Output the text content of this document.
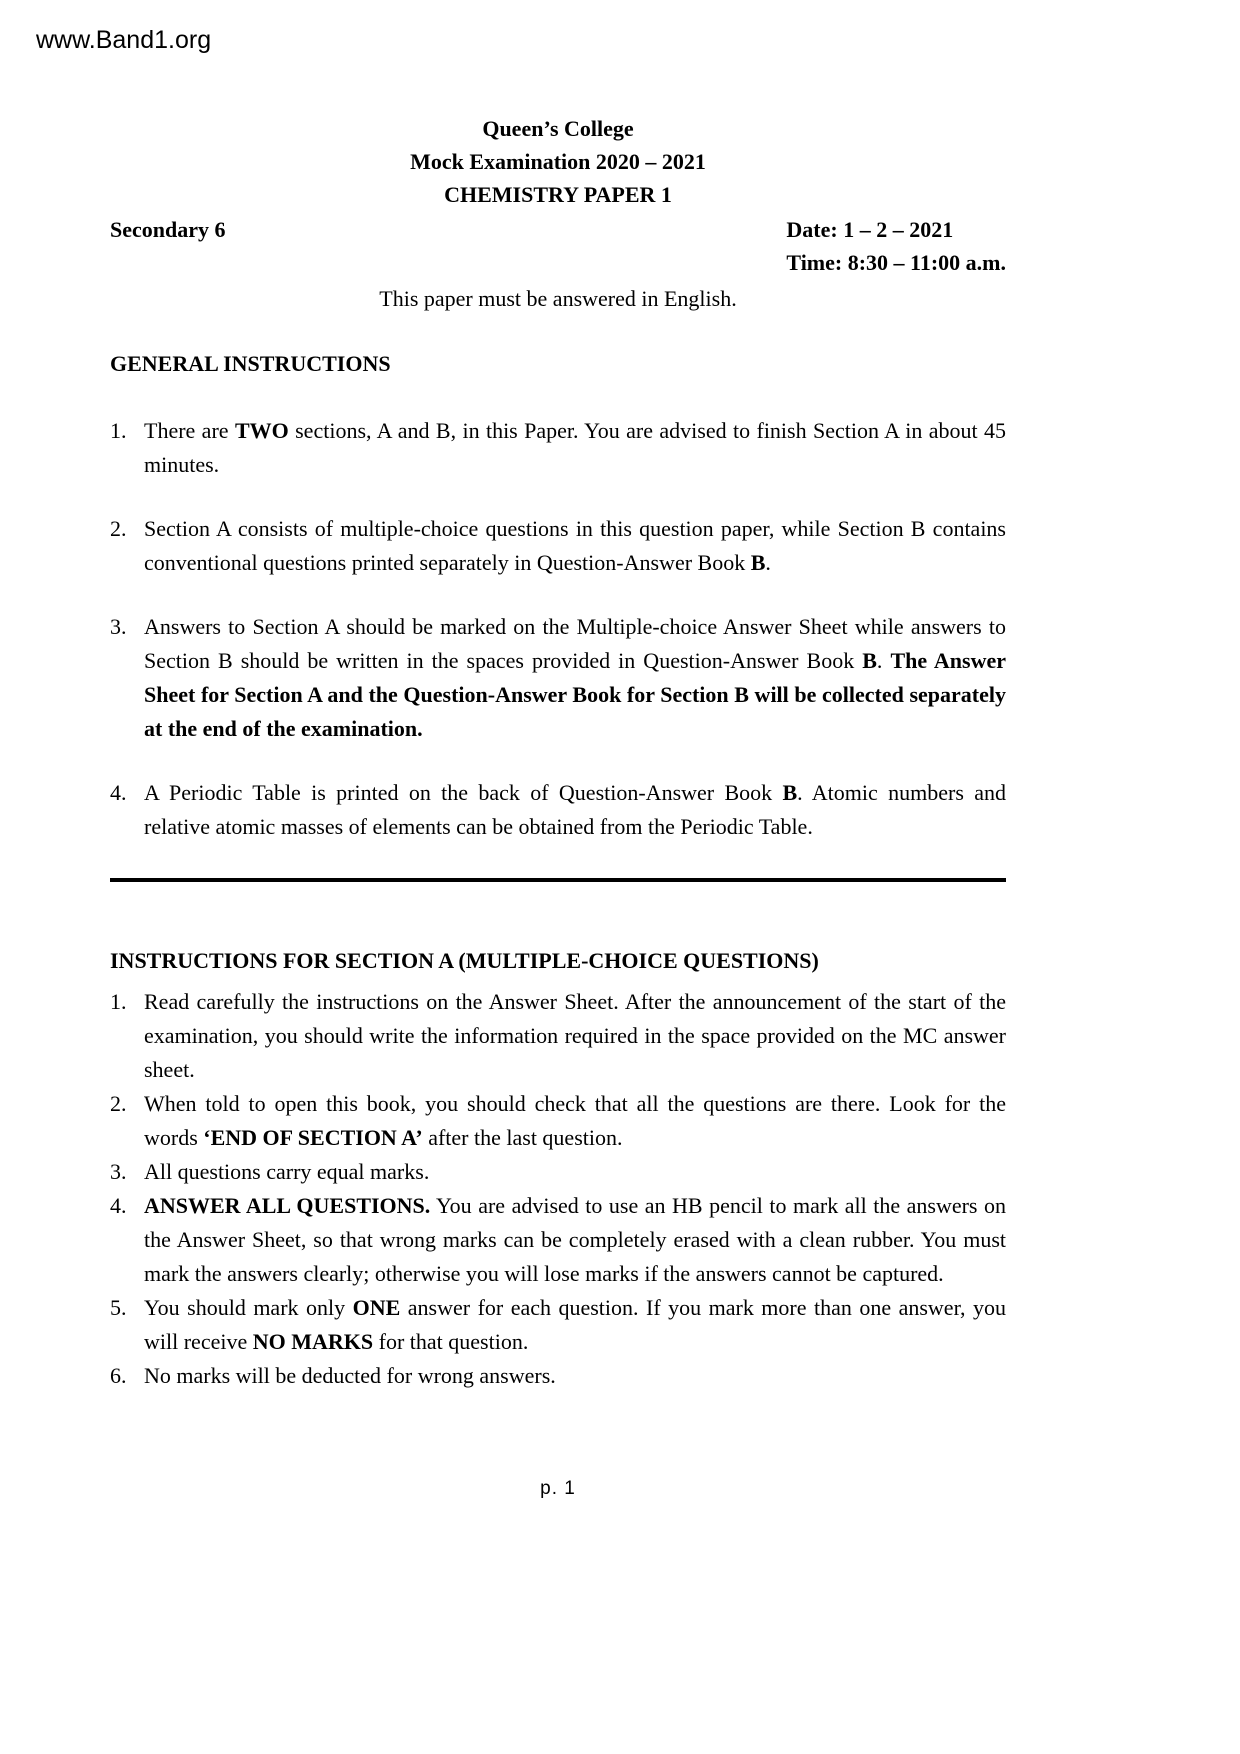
www.Band1.org
Queen’s College
Mock Examination 2020 – 2021
CHEMISTRY PAPER 1
Secondary 6	Date: 1 – 2 – 2021
Time: 8:30 – 11:00 a.m.
This paper must be answered in English.
GENERAL INSTRUCTIONS
1. There are TWO sections, A and B, in this Paper. You are advised to finish Section A in about 45 minutes.
2. Section A consists of multiple-choice questions in this question paper, while Section B contains conventional questions printed separately in Question-Answer Book B.
3. Answers to Section A should be marked on the Multiple-choice Answer Sheet while answers to Section B should be written in the spaces provided in Question-Answer Book B. The Answer Sheet for Section A and the Question-Answer Book for Section B will be collected separately at the end of the examination.
4. A Periodic Table is printed on the back of Question-Answer Book B. Atomic numbers and relative atomic masses of elements can be obtained from the Periodic Table.
INSTRUCTIONS FOR SECTION A (MULTIPLE-CHOICE QUESTIONS)
1. Read carefully the instructions on the Answer Sheet. After the announcement of the start of the examination, you should write the information required in the space provided on the MC answer sheet.
2. When told to open this book, you should check that all the questions are there. Look for the words ‘END OF SECTION A’ after the last question.
3. All questions carry equal marks.
4. ANSWER ALL QUESTIONS. You are advised to use an HB pencil to mark all the answers on the Answer Sheet, so that wrong marks can be completely erased with a clean rubber. You must mark the answers clearly; otherwise you will lose marks if the answers cannot be captured.
5. You should mark only ONE answer for each question. If you mark more than one answer, you will receive NO MARKS for that question.
6. No marks will be deducted for wrong answers.
p. 1
